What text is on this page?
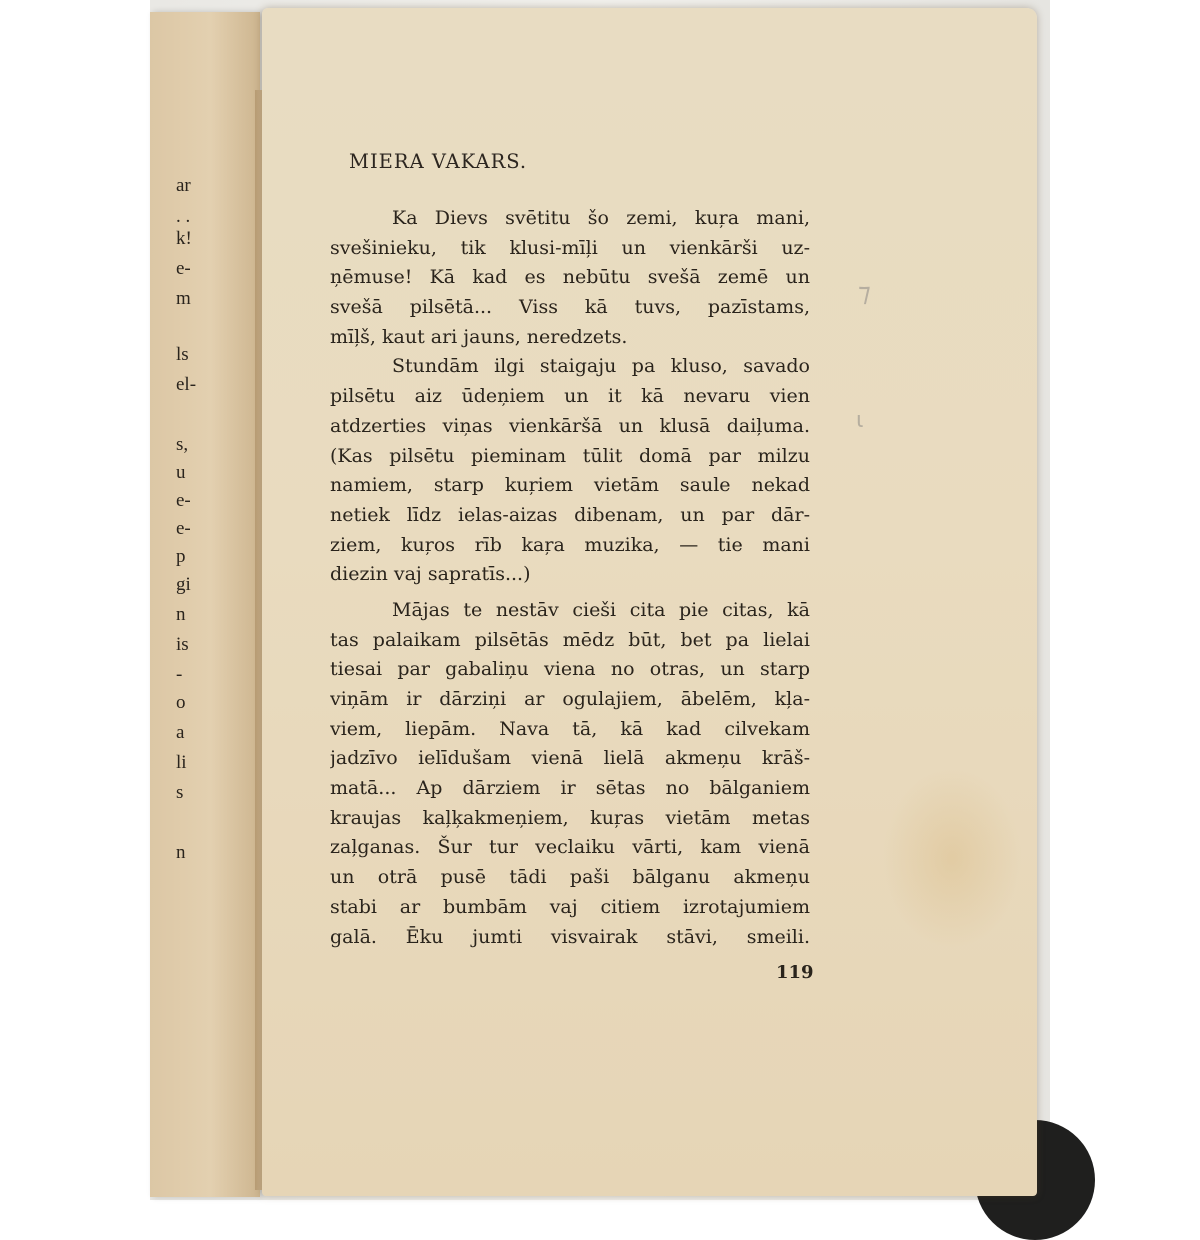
ar
. .
k!
e-
m
ls
el-
s,
u
e-
e-
p
gi
n
is
-
o
a
li
s
n
MIERA VAKARS.
Ka Dievs svētitu šo zemi, kuŗa mani,
svešinieku, tik klusi-mīļi un vienkārši uz-
ņēmuse! Kā kad es nebūtu svešā zemē un
svešā pilsētā... Viss kā tuvs, pazīstams,
mīļš, kaut ari jauns, neredzets.
Stundām ilgi staigaju pa kluso, savado
pilsētu aiz ūdeņiem un it kā nevaru vien
atdzerties viņas vienkāršā un klusā daiļuma.
(Kas pilsētu pieminam tūlit domā par milzu
namiem, starp kuŗiem vietām saule nekad
netiek līdz ielas-aizas dibenam, un par dār-
ziem, kuŗos rīb kaŗa muzika, — tie mani
diezin vaj sapratīs...)
Mājas te nestāv cieši cita pie citas, kā
tas palaikam pilsētās mēdz būt, bet pa lielai
tiesai par gabaliņu viena no otras, un starp
viņām ir dārziņi ar ogulajiem, ābelēm, kļa-
viem, liepām. Nava tā, kā kad cilvekam
jadzīvo ielīdušam vienā lielā akmeņu krāš-
matā... Ap dārziem ir sētas no bālganiem
kraujas kaļķakmeņiem, kuŗas vietām metas
zaļganas. Šur tur veclaiku vārti, kam vienā
un otrā pusē tādi paši bālganu akmeņu
stabi ar bumbām vaj citiem izrotajumiem
galā. Ēku jumti visvairak stāvi, smeili.
119
⁊
ɩ
